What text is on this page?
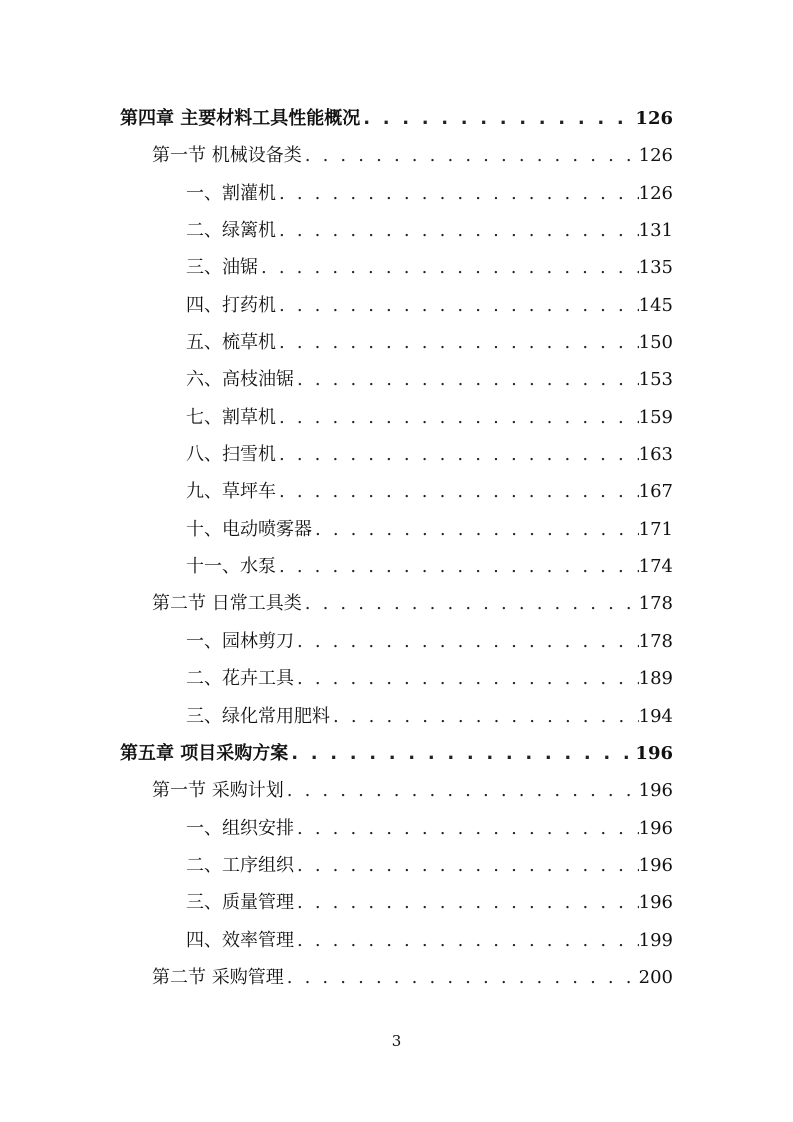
第四章 主要材料工具性能概况 . . .	126
第一节 机械设备类 . . .	126
一、割灌机 . . .	126
二、绿篱机 . . .	131
三、油锯 . . .	135
四、打药机 . . .	145
五、梳草机 . . .	150
六、高枝油锯 . . .	153
七、割草机 . . .	159
八、扫雪机 . . .	163
九、草坪车 . . .	167
十、电动喷雾器 . . .	171
十一、水泵 . . .	174
第二节 日常工具类 . . .	178
一、园林剪刀 . . .	178
二、花卉工具 . . .	189
三、绿化常用肥料 . . .	194
第五章 项目采购方案 . . .	196
第一节 采购计划 . . .	196
一、组织安排 . . .	196
二、工序组织 . . .	196
三、质量管理 . . .	196
四、效率管理 . . .	199
第二节 采购管理 . . .	200
3
